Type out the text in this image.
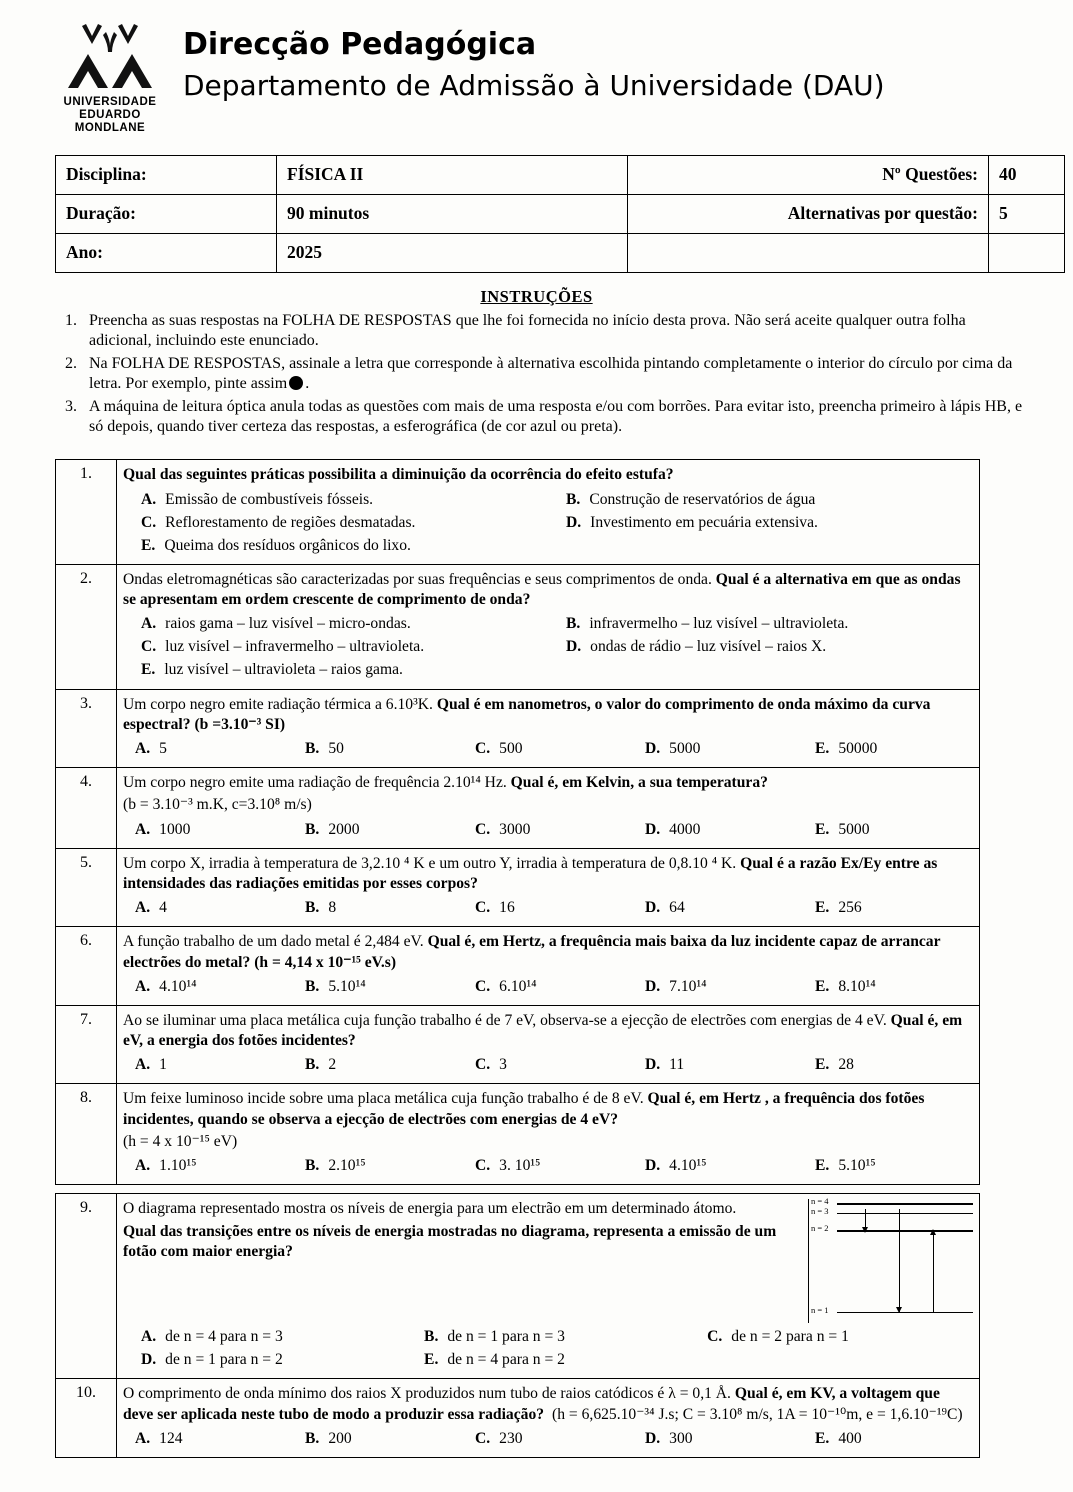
UNIVERSIDADE
EDUARDO
MONDLANE
Direcção Pedagógica
Departamento de Admissão à Universidade (DAU)
Disciplina:	FÍSICA II	Nº Questões:	40
Duração:	90 minutos	Alternativas por questão:	5
Ano:	2025		
INSTRUÇÕES
1. Preencha as suas respostas na FOLHA DE RESPOSTAS que lhe foi fornecida no início desta prova. Não será aceite qualquer outra folha adicional, incluindo este enunciado.
2. Na FOLHA DE RESPOSTAS, assinale a letra que corresponde à alternativa escolhida pintando completamente o interior do círculo por cima da letra. Por exemplo, pinte assim .
3. A máquina de leitura óptica anula todas as questões com mais de uma resposta e/ou com borrões. Para evitar isto, preencha primeiro à lápis HB, e só depois, quando tiver certeza das respostas, a esferográfica (de cor azul ou preta).
1.	Qual das seguintes práticas possibilita a diminuição da ocorrência do efeito estufa?
A. Emissão de combustíveis fósseis.	B. Construção de reservatórios de água
C. Reflorestamento de regiões desmatadas.	D. Investimento em pecuária extensiva.
E. Queima dos resíduos orgânicos do lixo.

2.	Ondas eletromagnéticas são caracterizadas por suas frequências e seus comprimentos de onda. Qual é a alternativa em que as ondas se apresentam em ordem crescente de comprimento de onda?
A. raios gama – luz visível – micro-ondas.	B. infravermelho – luz visível – ultravioleta.
C. luz visível – infravermelho – ultravioleta.	D. ondas de rádio – luz visível – raios X.
E. luz visível – ultravioleta – raios gama.

3.	Um corpo negro emite radiação térmica a 6.10³K. Qual é em nanometros, o valor do comprimento de onda máximo da curva espectral? (b =3.10⁻³ SI)
A. 5	B. 50	C. 500	D. 5000	E. 50000

4.	Um corpo negro emite uma radiação de frequência 2.10¹⁴ Hz. Qual é, em Kelvin, a sua temperatura?
(b = 3.10⁻³ m.K, c=3.10⁸ m/s)
A. 1000	B. 2000	C. 3000	D. 4000	E. 5000

5.	Um corpo X, irradia à temperatura de 3,2.10 ⁴ K e um outro Y, irradia à temperatura de 0,8.10 ⁴ K. Qual é a razão Ex/Ey entre as intensidades das radiações emitidas por esses corpos?
A. 4	B. 8	C. 16	D. 64	E. 256

6.	A função trabalho de um dado metal é 2,484 eV. Qual é, em Hertz, a frequência mais baixa da luz incidente capaz de arrancar electrões do metal? (h = 4,14 x 10⁻¹⁵ eV.s)
A. 4.10¹⁴	B. 5.10¹⁴	C. 6.10¹⁴	D. 7.10¹⁴	E. 8.10¹⁴

7.	Ao se iluminar uma placa metálica cuja função trabalho é de 7 eV, observa-se a ejecção de electrões com energias de 4 eV. Qual é, em eV, a energia dos fotões incidentes?
A. 1	B. 2	C. 3	D. 11	E. 28

8.	Um feixe luminoso incide sobre uma placa metálica cuja função trabalho é de 8 eV. Qual é, em Hertz , a frequência dos fotões incidentes, quando se observa a ejecção de electrões com energias de 4 eV?
(h = 4 x 10⁻¹⁵ eV)
A. 1.10¹⁵	B. 2.10¹⁵	C. 3. 10¹⁵	D. 4.10¹⁵	E. 5.10¹⁵

9.	O diagrama representado mostra os níveis de energia para um electrão em um determinado átomo.
Qual das transições entre os níveis de energia mostradas no diagrama, representa a emissão de um fotão com maior energia?
n = 4
n = 3
n = 2
n = 1
A. de n = 4 para n = 3	B. de n = 1 para n = 3	C. de n = 2 para n = 1
D. de n = 1 para n = 2	E. de n = 4 para n = 2

10.	O comprimento de onda mínimo dos raios X produzidos num tubo de raios catódicos é λ = 0,1 Å. Qual é, em KV, a voltagem que deve ser aplicada neste tubo de modo a produzir essa radiação? (h = 6,625.10⁻³⁴ J.s; C = 3.10⁸ m/s, 1A = 10⁻¹⁰m, e = 1,6.10⁻¹⁹C)
A. 124	B. 200	C. 230	D. 300	E. 400
